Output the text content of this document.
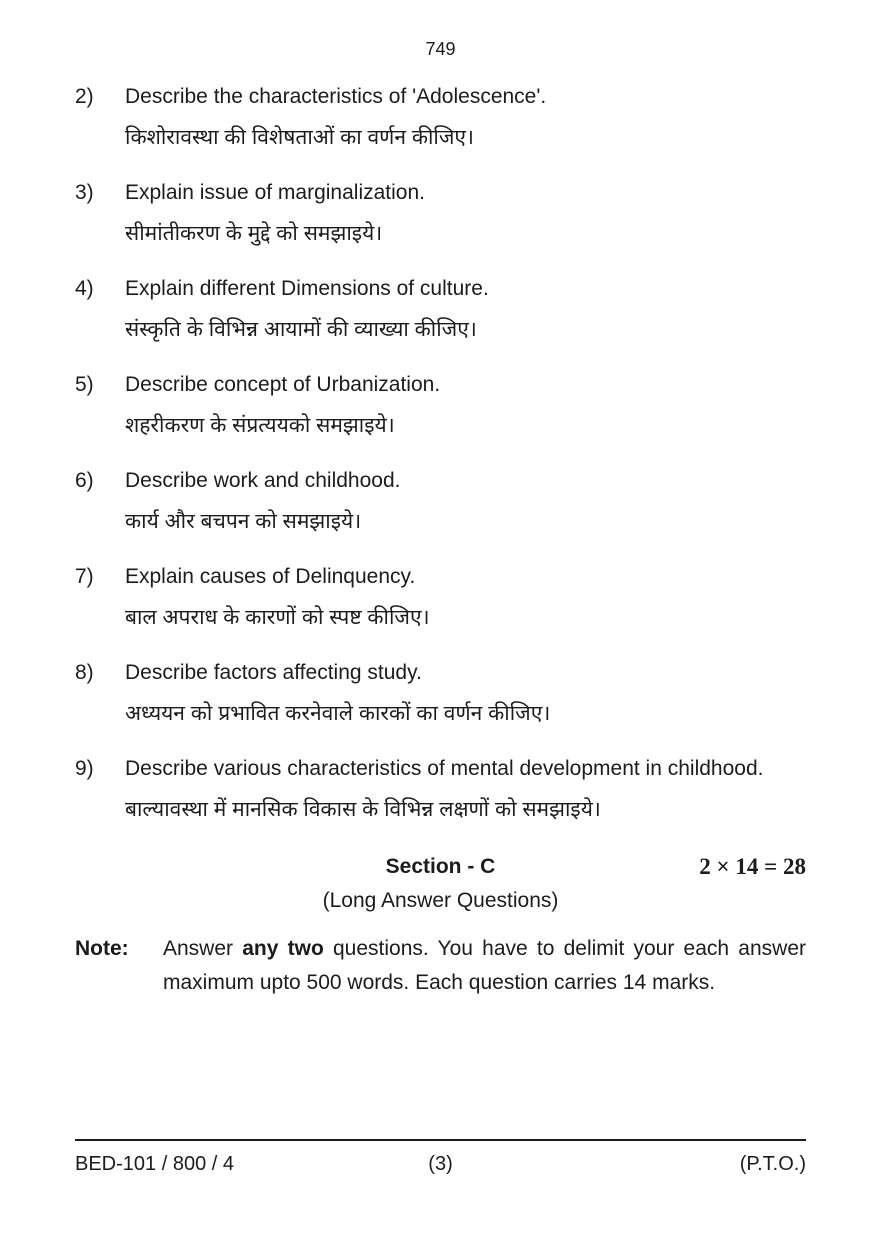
749
2)	Describe the characteristics of 'Adolescence'.
किशोरावस्था की विशेषताओं का वर्णन कीजिए।
3)	Explain issue of marginalization.
सीमांतीकरण के मुद्दे को समझाइये।
4)	Explain different Dimensions of culture.
संस्कृति के विभिन्न आयामों की व्याख्या कीजिए।
5)	Describe concept of Urbanization.
शहरीकरण के संप्रत्ययको समझाइये।
6)	Describe work and childhood.
कार्य और बचपन को समझाइये।
7)	Explain causes of Delinquency.
बाल अपराध के कारणों को स्पष्ट कीजिए।
8)	Describe factors affecting study.
अध्ययन को प्रभावित करनेवाले कारकों का वर्णन कीजिए।
9)	Describe various characteristics of mental development in childhood.
बाल्यावस्था में मानसिक विकास के विभिन्न लक्षणों को समझाइये।
Section - C	2 × 14 = 28
(Long Answer Questions)
Note:	Answer any two questions. You have to delimit your each answer maximum upto 500 words. Each question carries 14 marks.
BED-101 / 800 / 4	(3)	(P.T.O.)
